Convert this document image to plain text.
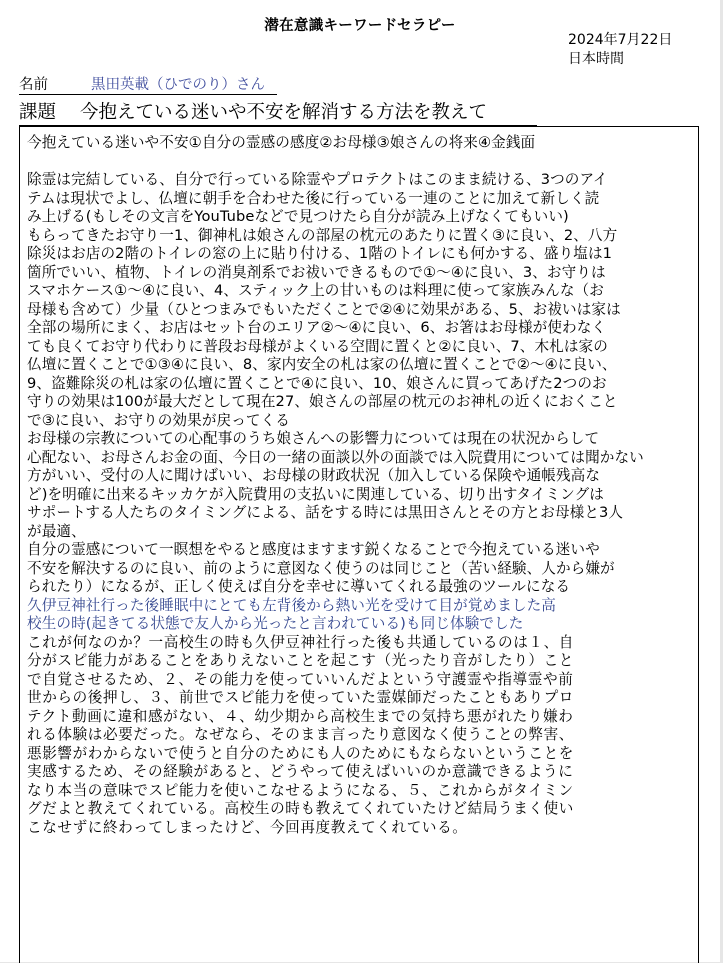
潜在意識キーワードセラピー
2024年7月22日
日本時間
名前	黒田英載（ひでのり）さん
課題 今抱えている迷いや不安を解消する方法を教えて

今抱えている迷いや不安①自分の霊感の感度②お母様③娘さんの将来④金銭面

除霊は完結している、自分で行っている除霊やプロテクトはこのまま続ける、3つのアイ

テムは現状でよし、仏壇に朝手を合わせた後に行っている一連のことに加えて新しく読

み上げる(もしその文言をYouTubeなどで見つけたら自分が読み上げなくてもいい)

もらってきたお守り一1、御神札は娘さんの部屋の枕元のあたりに置く③に良い、2、八方

除災はお店の2階のトイレの窓の上に貼り付ける、1階のトイレにも何かする、盛り塩は1

箇所でいい、植物、トイレの消臭剤系でお祓いできるもので①～④に良い、3、お守りは

スマホケース①～④に良い、4、スティック上の甘いものは料理に使って家族みんな（お

母様も含めて）少量（ひとつまみでもいただくことで②④に効果がある、5、お祓いは家は

全部の場所にまく、お店はセット台のエリア②～④に良い、6、お箸はお母様が使わなく

ても良くてお守り代わりに普段お母様がよくいる空間に置くと②に良い、7、木札は家の

仏壇に置くことで①③④に良い、8、家内安全の札は家の仏壇に置くことで②～④に良い、

9、盗難除災の札は家の仏壇に置くことで④に良い、10、娘さんに買ってあげた2つのお

守りの効果は100が最大だとして現在27、娘さんの部屋の枕元のお神札の近くにおくこと

で③に良い、お守りの効果が戻ってくる

お母様の宗教についての心配事のうち娘さんへの影響力については現在の状況からして

心配ない、お母さんお金の面、今日の一緒の面談以外の面談では入院費用については聞かない

方がいい、受付の人に聞けばいい、お母様の財政状況（加入している保険や通帳残高な

ど)を明確に出来るキッカケが入院費用の支払いに関連している、切り出すタイミングは

サポートする人たちのタイミングによる、話をする時には黒田さんとその方とお母様と3人

が最適、

自分の霊感について一瞑想をやると感度はますます鋭くなることで今抱えている迷いや

不安を解決するのに良い、前のように意図なく使うのは同じこと（苦い経験、人から嫌が

られたり）になるが、正しく使えば自分を幸せに導いてくれる最強のツールになる

久伊豆神社行った後睡眠中にとても左背後から熱い光を受けて目が覚めました高

校生の時(起きてる状態で友人から光ったと言われている)も同じ体験でした

これが何なのか？一高校生の時も久伊豆神社行った後も共通しているのは１、自

分がスピ能力があることをありえないことを起こす（光ったり音がしたり）こと

で自覚させるため、２、その能力を使っていいんだよという守護霊や指導霊や前

世からの後押し、３、前世でスピ能力を使っていた霊媒師だったこともありプロ

テクト動画に違和感がない、４、幼少期から高校生までの気持ち悪がれたり嫌わ

れる体験は必要だった。なぜなら、そのまま言ったり意図なく使うことの弊害、

悪影響がわからないで使うと自分のためにも人のためにもならないということを

実感するため、その経験があると、どうやって使えばいいのか意識できるように

なり本当の意味でスピ能力を使いこなせるようになる、５、これからがタイミン

グだよと教えてくれている。高校生の時も教えてくれていたけど結局うまく使い

こなせずに終わってしまったけど、今回再度教えてくれている。
